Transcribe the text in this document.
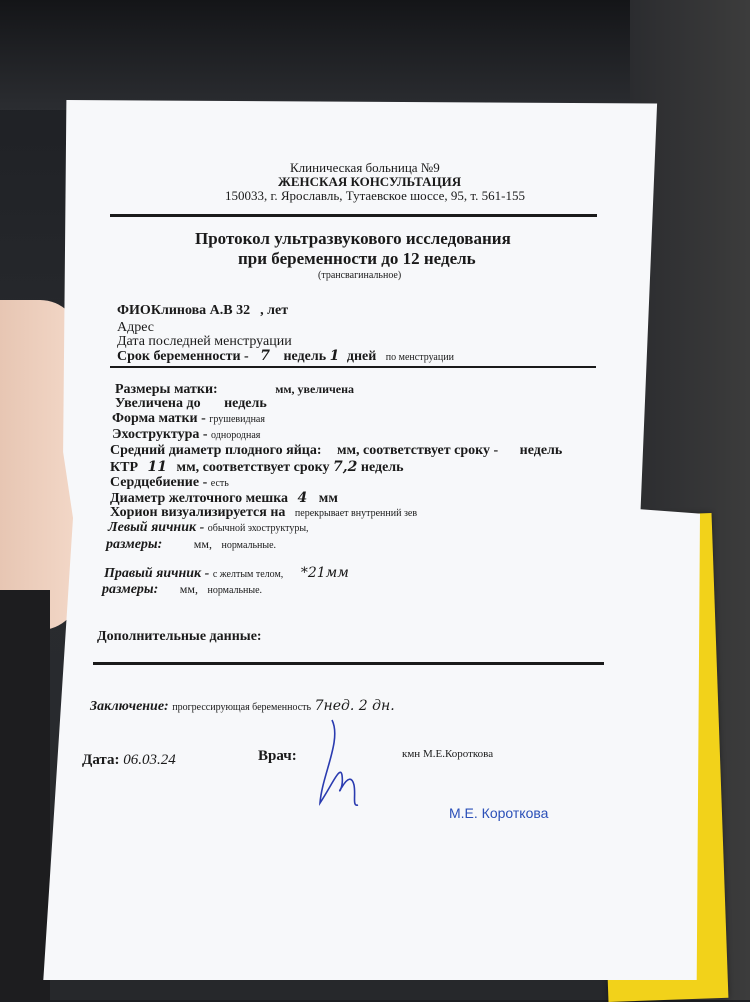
Клиническая больница №9
ЖЕНСКАЯ КОНСУЛЬТАЦИЯ
150033, г. Ярославль, Тутаевское шоссе, 95, т. 561-155
Протокол ультразвукового исследования
при беременности до 12 недель
(трансвагинальное)
ФИОКлинова А.В 32 , лет
Адрес
Дата последней менструации
Срок беременности - 7 недель 1 дней по менструации
Размеры матки:	мм, увеличена
Увеличена до недель
Форма матки - грушевидная
Эхоструктура - однородная
Средний диаметр плодного яйца: мм, соответствует сроку - недель
КТР 11 мм, соответствует сроку 7,2 недель
Сердцебиение - есть
Диаметр желточного мешка 4 мм
Хорион визуализируется на перекрывает внутренний зев
Левый яичник - обычной эхоструктуры,
размеры:	мм, нормальные.
Правый яичник - с желтым телом, *21мм
размеры: мм, нормальные.
Дополнительные данные:
Заключение: прогрессирующая беременность 7нед. 2 дн.
Дата: 06.03.24	Врач:	кмн М.Е.Короткова
М.Е. Короткова
